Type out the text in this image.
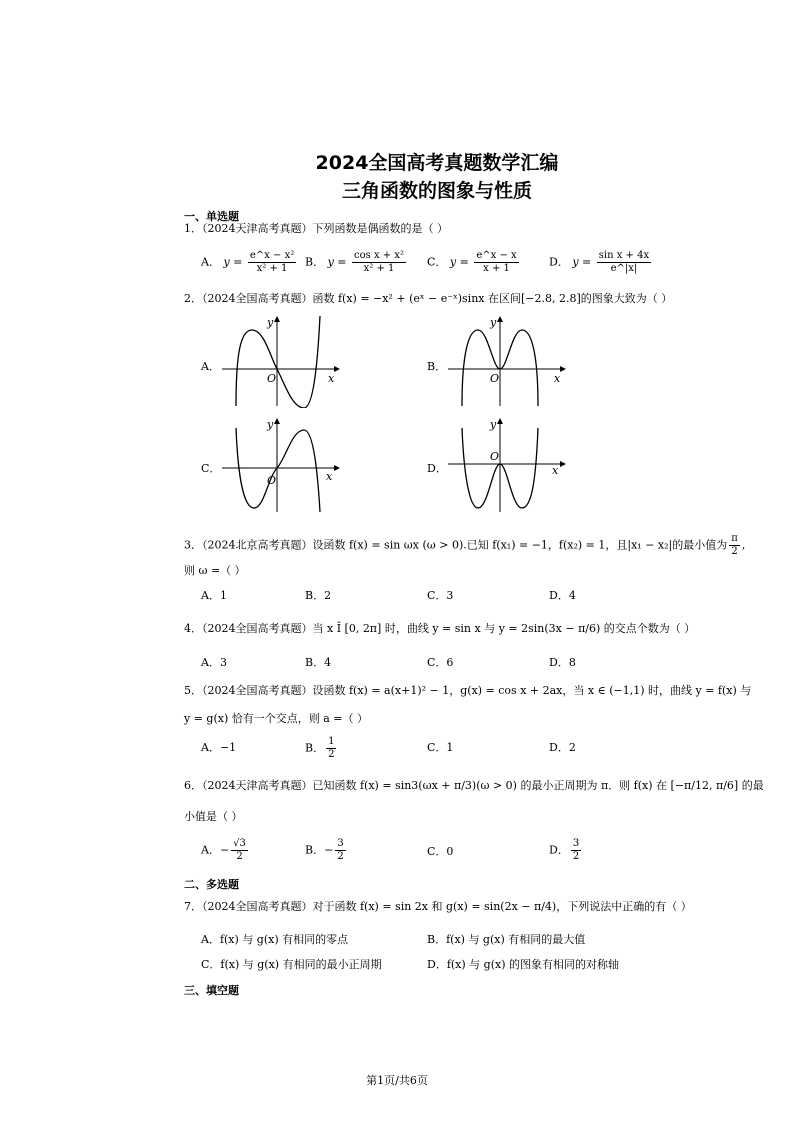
2024全国高考真题数学汇编
三角函数的图象与性质
一、单选题
1．（2024天津高考真题）下列函数是偶函数的是（ ）
A． $y = \frac{\text{e\textasciicircum{}x − x²}}{\text{x² + 1}}$ B． $y = \frac{\text{cos x + x²}}{\text{x² + 1}}$ C． $y = \frac{e\^{}x - x}{x + 1}$	D． $y = \frac{\text{sin x + 4x}}{e\^{}|x|}$
2．（2024全国高考真题）函数 f(x) = −x² + (eˣ − e⁻ˣ)sinx 在区间[−2.8, 2.8]的图象大致为（ ）
A．
O	x
y
B．
O	x
y
C．
O	x
y
D．
O
x
y
3．（2024北京高考真题）设函数 f(x) = sin ωx (ω > 0).已知 f(x₁) = −1，f(x₂) = 1，且|x₁ − x₂|的最小值为 $\frac{\pi}{2}$ ,
则 ω =（ ）
A．1	B．2	C．3	D．4
4．（2024全国高考真题）当 x Î [0, 2π] 时，曲线 y = sin x 与 y = 2sin(3x − π/6) 的交点个数为（ ）
A．3	B．4	C．6	D．8
5．（2024全国高考真题）设函数 f(x) = a(x+1)² − 1，g(x) = cos x + 2ax，当 x ∈ (−1,1) 时，曲线 y = f(x) 与
y = g(x) 恰有一个交点，则 a =（ ）
A．−1	B． $\frac{1}{2}$	C．1	D．2
6．（2024天津高考真题）已知函数 f(x) = sin3(ωx + π/3)(ω > 0) 的最小正周期为 π．则 f(x) 在 [−π/12, π/6] 的最
小值是（ ）
A．− $\frac{√3}{2}$	B．− $\frac{3}{2}$	C．0	D． $\frac{3}{2}$
二、多选题
7．（2024全国高考真题）对于函数 f(x) = sin 2x 和 g(x) = sin(2x − π/4)，下列说法中正确的有（ ）
A．f(x) 与 g(x) 有相同的零点	B．f(x) 与 g(x) 有相同的最大值
C．f(x) 与 g(x) 有相同的最小正周期	D．f(x) 与 g(x) 的图象有相同的对称轴
三、填空题
第1页/共6页
